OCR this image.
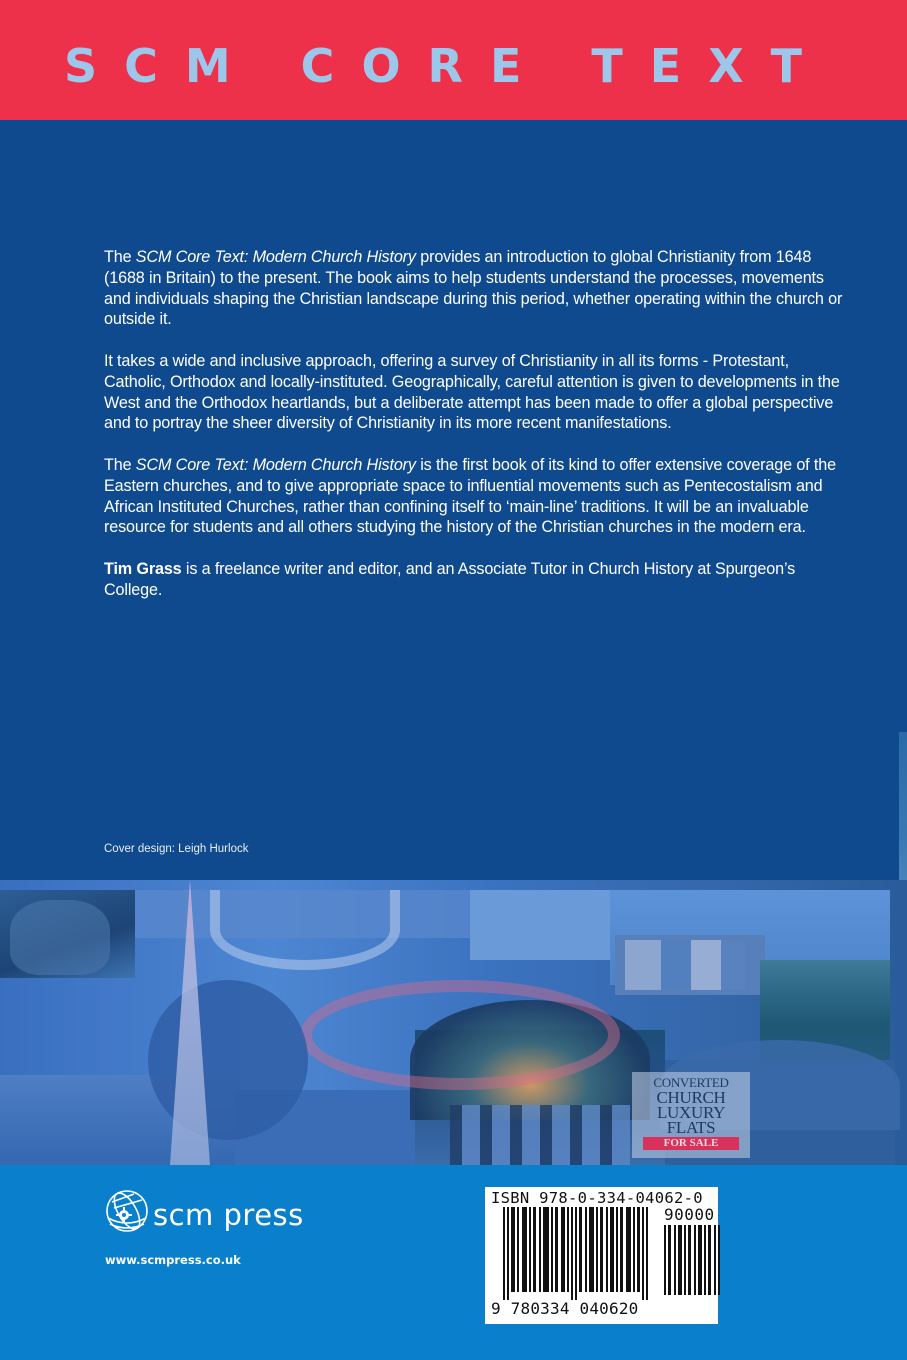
SCM CORE TEXT

The SCM Core Text: Modern Church History provides an introduction to global Christianity from 1648 (1688 in Britain) to the present. The book aims to help students understand the processes, movements and individuals shaping the Christian landscape during this period, whether operating within the church or outside it.

It takes a wide and inclusive approach, offering a survey of Christianity in all its forms - Protestant, Catholic, Orthodox and locally-instituted. Geographically, careful attention is given to developments in the West and the Orthodox heartlands, but a deliberate attempt has been made to offer a global perspective and to portray the sheer diversity of Christianity in its more recent manifestations.

The SCM Core Text: Modern Church History is the first book of its kind to offer extensive coverage of the Eastern churches, and to give appropriate space to influential movements such as Pentecostalism and African Instituted Churches, rather than confining itself to ‘main-line’ traditions. It will be an invaluable resource for students and all others studying the history of the Christian churches in the modern era.

Tim Grass is a freelance writer and editor, and an Associate Tutor in Church History at Spurgeon’s College.

Cover design: Leigh Hurlock
CONVERTED
CHURCH
LUXURY
FLATS
FOR SALE
scm press
www.scmpress.co.uk
ISBN 978-0-334-04062-0
90000
9 780334 040620
